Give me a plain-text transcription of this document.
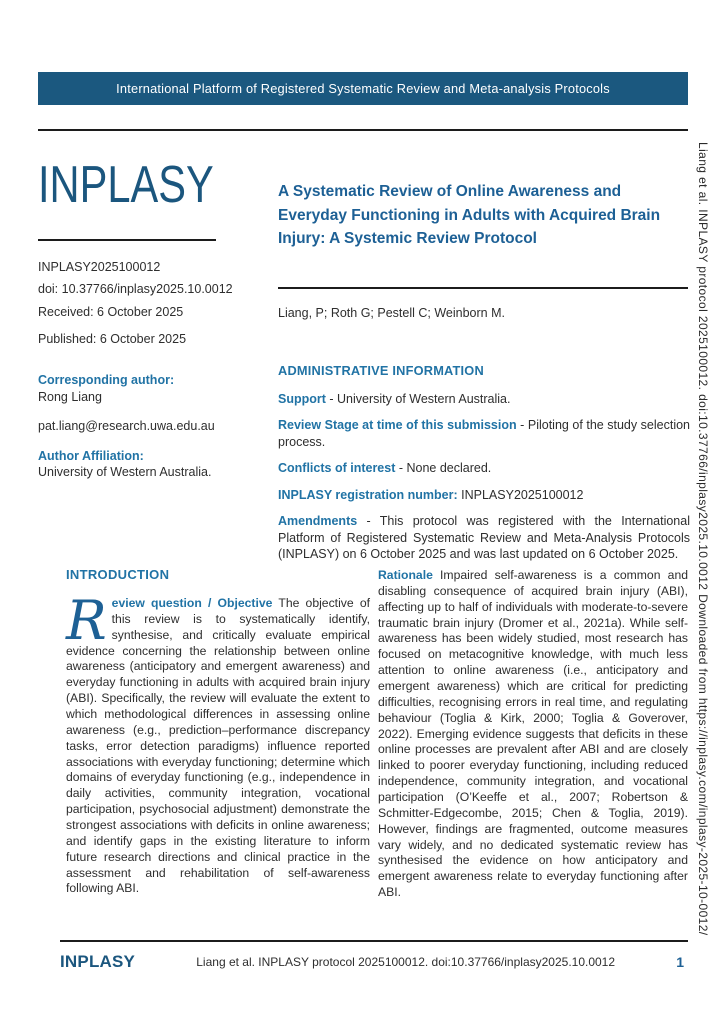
International Platform of Registered Systematic Review and Meta-analysis Protocols
INPLASY
INPLASY2025100012
doi: 10.37766/inplasy2025.10.0012
Received: 6 October 2025
Published: 6 October 2025
Corresponding author:
Rong Liang
pat.liang@research.uwa.edu.au
Author Affiliation:
University of Western Australia.
A Systematic Review of Online Awareness and Everyday Functioning in Adults with Acquired Brain Injury: A Systemic Review Protocol
Liang, P; Roth G; Pestell C; Weinborn M.
ADMINISTRATIVE INFORMATION

Support - University of Western Australia.

Review Stage at time of this submission - Piloting of the study selection process.

Conflicts of interest - None declared.

INPLASY registration number: INPLASY2025100012

Amendments - This protocol was registered with the International Platform of Registered Systematic Review and Meta-Analysis Protocols (INPLASY) on 6 October 2025 and was last updated on 6 October 2025.

INTRODUCTION
Review question / Objective The objective of this review is to systematically identify, synthesise, and critically evaluate empirical evidence concerning the relationship between online awareness (anticipatory and emergent awareness) and everyday functioning in adults with acquired brain injury (ABI). Specifically, the review will evaluate the extent to which methodological differences in assessing online awareness (e.g., prediction–performance discrepancy tasks, error detection paradigms) influence reported associations with everyday functioning; determine which domains of everyday functioning (e.g., independence in daily activities, community integration, vocational participation, psychosocial adjustment) demonstrate the strongest associations with deficits in online awareness; and identify gaps in the existing literature to inform future research directions and clinical practice in the assessment and rehabilitation of self-awareness following ABI.
Rationale Impaired self-awareness is a common and disabling consequence of acquired brain injury (ABI), affecting up to half of individuals with moderate-to-severe traumatic brain injury (Dromer et al., 2021a). While self-awareness has been widely studied, most research has focused on metacognitive knowledge, with much less attention to online awareness (i.e., anticipatory and emergent awareness) which are critical for predicting difficulties, recognising errors in real time, and regulating behaviour (Toglia & Kirk, 2000; Toglia & Goverover, 2022). Emerging evidence suggests that deficits in these online processes are prevalent after ABI and are closely linked to poorer everyday functioning, including reduced independence, community integration, and vocational participation (O’Keeffe et al., 2007; Robertson & Schmitter-Edgecombe, 2015; Chen & Toglia, 2019). However, findings are fragmented, outcome measures vary widely, and no dedicated systematic review has synthesised the evidence on how anticipatory and emergent awareness relate to everyday functioning after ABI.
INPLASY	Liang et al. INPLASY protocol 2025100012. doi:10.37766/inplasy2025.10.0012	1
Liang et al. INPLASY protocol 2025100012. doi:10.37766/inplasy2025.10.0012 Downloaded from https://inplasy.com/inplasy-2025-10-0012/
